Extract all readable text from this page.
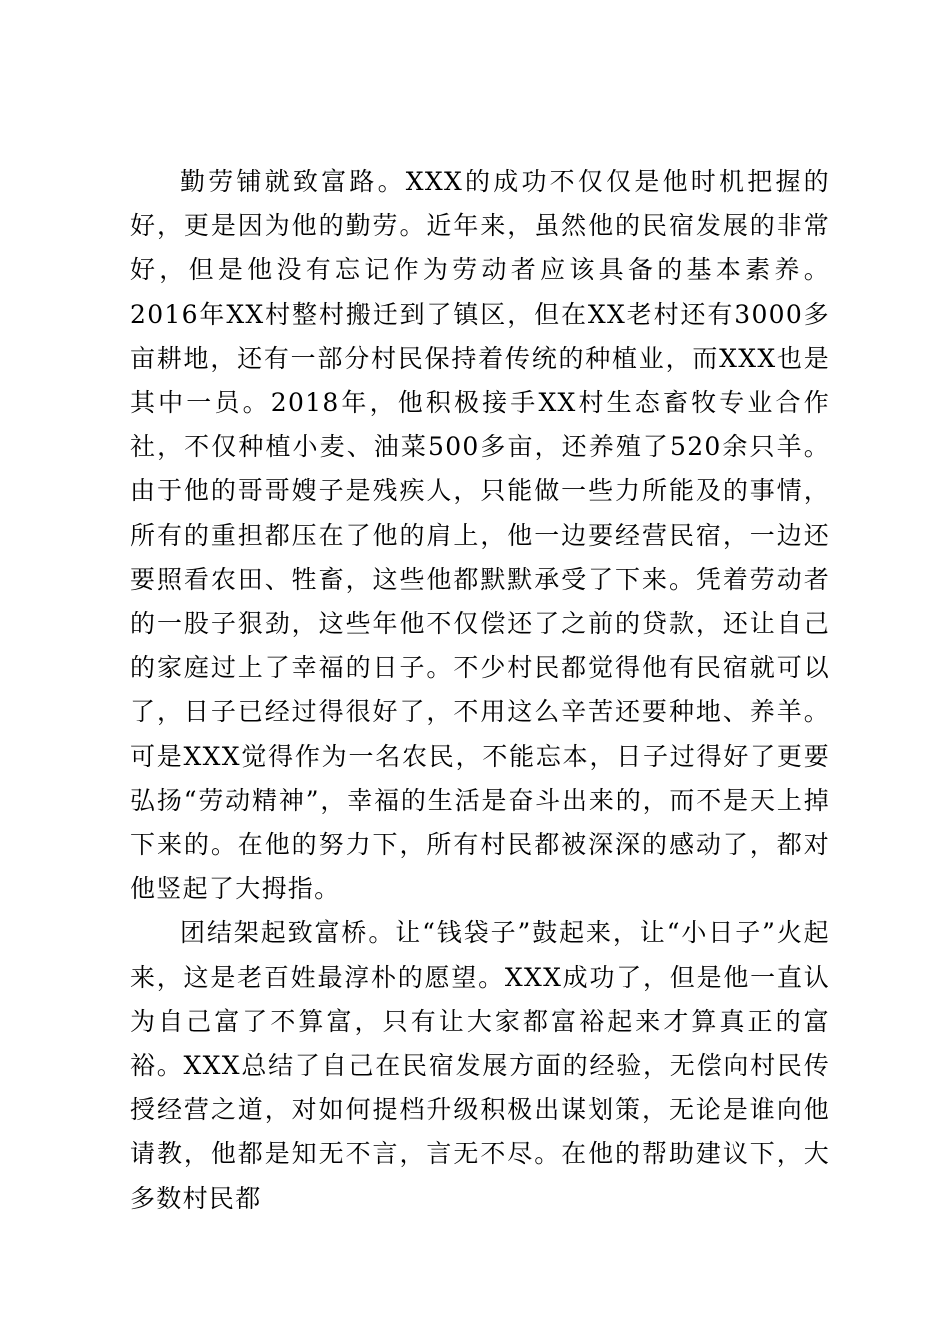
勤劳铺就致富路。XXX的成功不仅仅是他时机把握的好，更是因为他的勤劳。近年来，虽然他的民宿发展的非常好，但是他没有忘记作为劳动者应该具备的基本素养。2016年XX村整村搬迁到了镇区，但在XX老村还有3000多亩耕地，还有一部分村民保持着传统的种植业，而XXX也是其中一员。2018年，他积极接手XX村生态畜牧专业合作社，不仅种植小麦、油菜500多亩，还养殖了520余只羊。由于他的哥哥嫂子是残疾人，只能做一些力所能及的事情，所有的重担都压在了他的肩上，他一边要经营民宿，一边还要照看农田、牲畜，这些他都默默承受了下来。凭着劳动者的一股子狠劲，这些年他不仅偿还了之前的贷款，还让自己的家庭过上了幸福的日子。不少村民都觉得他有民宿就可以了，日子已经过得很好了，不用这么辛苦还要种地、养羊。可是XXX觉得作为一名农民，不能忘本，日子过得好了更要弘扬“劳动精神”，幸福的生活是奋斗出来的，而不是天上掉下来的。在他的努力下，所有村民都被深深的感动了，都对他竖起了大拇指。

团结架起致富桥。让“钱袋子”鼓起来，让“小日子”火起来，这是老百姓最淳朴的愿望。XXX成功了，但是他一直认为自己富了不算富，只有让大家都富裕起来才算真正的富裕。XXX总结了自己在民宿发展方面的经验，无偿向村民传授经营之道，对如何提档升级积极出谋划策，无论是谁向他请教，他都是知无不言，言无不尽。在他的帮助建议下，大多数村民都
